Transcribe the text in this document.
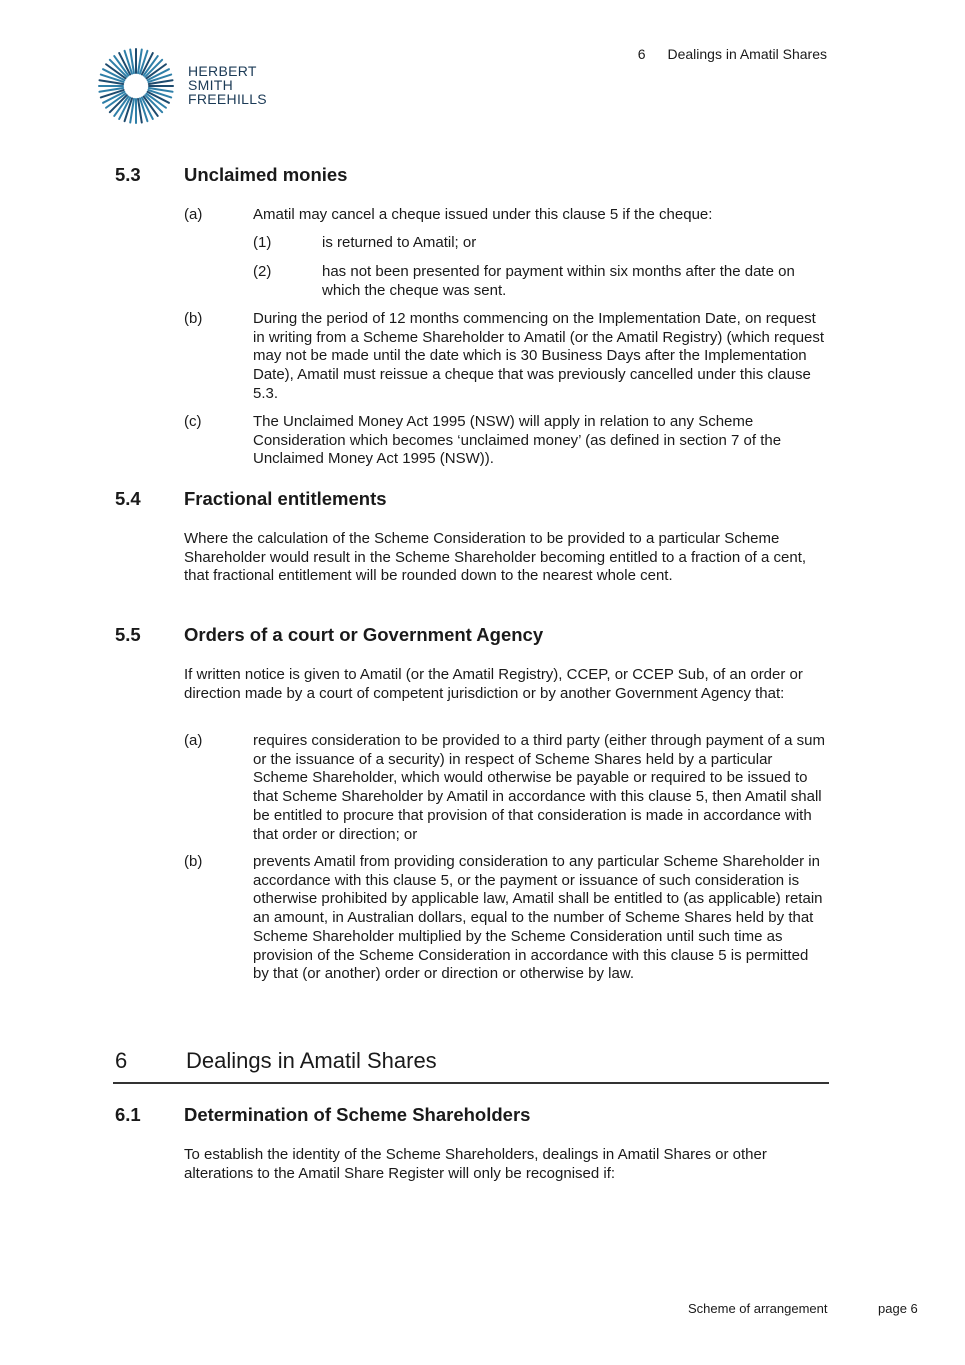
HERBERT
SMITH
FREEHILLS
6 Dealings in Amatil Shares
5.3 Unclaimed monies
(a)	Amatil may cancel a cheque issued under this clause 5 if the cheque:
(1)	is returned to Amatil; or
(2)	has not been presented for payment within six months after the date on which the cheque was sent.
(b)	During the period of 12 months commencing on the Implementation Date, on request in writing from a Scheme Shareholder to Amatil (or the Amatil Registry) (which request may not be made until the date which is 30 Business Days after the Implementation Date), Amatil must reissue a cheque that was previously cancelled under this clause 5.3.
(c)	The Unclaimed Money Act 1995 (NSW) will apply in relation to any Scheme Consideration which becomes ‘unclaimed money’ (as defined in section 7 of the Unclaimed Money Act 1995 (NSW)).
5.4 Fractional entitlements
Where the calculation of the Scheme Consideration to be provided to a particular Scheme Shareholder would result in the Scheme Shareholder becoming entitled to a fraction of a cent, that fractional entitlement will be rounded down to the nearest whole cent.
5.5 Orders of a court or Government Agency
If written notice is given to Amatil (or the Amatil Registry), CCEP, or CCEP Sub, of an order or direction made by a court of competent jurisdiction or by another Government Agency that:
(a)	requires consideration to be provided to a third party (either through payment of a sum or the issuance of a security) in respect of Scheme Shares held by a particular Scheme Shareholder, which would otherwise be payable or required to be issued to that Scheme Shareholder by Amatil in accordance with this clause 5, then Amatil shall be entitled to procure that provision of that consideration is made in accordance with that order or direction; or
(b)	prevents Amatil from providing consideration to any particular Scheme Shareholder in accordance with this clause 5, or the payment or issuance of such consideration is otherwise prohibited by applicable law, Amatil shall be entitled to (as applicable) retain an amount, in Australian dollars, equal to the number of Scheme Shares held by that Scheme Shareholder multiplied by the Scheme Consideration until such time as provision of the Scheme Consideration in accordance with this clause 5 is permitted by that (or another) order or direction or otherwise by law.
6	Dealings in Amatil Shares
6.1 Determination of Scheme Shareholders
To establish the identity of the Scheme Shareholders, dealings in Amatil Shares or other alterations to the Amatil Share Register will only be recognised if:
Scheme of arrangement	page 6
